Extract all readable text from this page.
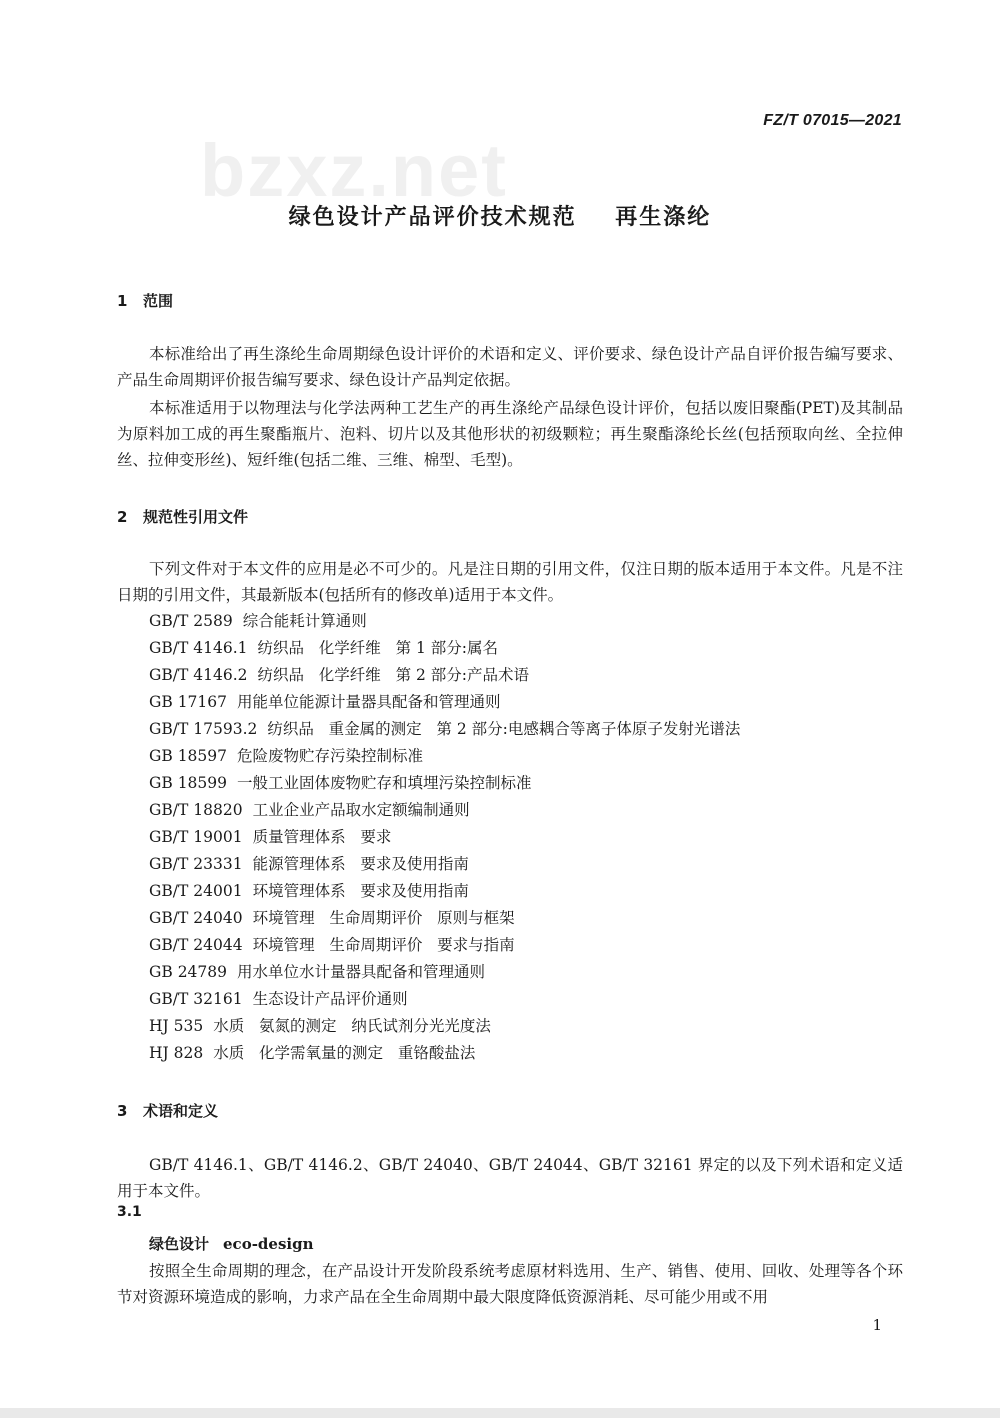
bzxz.net
FZ/T 07015—2021
绿色设计产品评价技术规范    再生涤纶
1 范围

本标准给出了再生涤纶生命周期绿色设计评价的术语和定义、评价要求、绿色设计产品自评价报告编写要求、产品生命周期评价报告编写要求、绿色设计产品判定依据。

本标准适用于以物理法与化学法两种工艺生产的再生涤纶产品绿色设计评价，包括以废旧聚酯(PET)及其制品为原料加工成的再生聚酯瓶片、泡料、切片以及其他形状的初级颗粒；再生聚酯涤纶长丝(包括预取向丝、全拉伸丝、拉伸变形丝)、短纤维(包括二维、三维、棉型、毛型)。

2 规范性引用文件

下列文件对于本文件的应用是必不可少的。凡是注日期的引用文件，仅注日期的版本适用于本文件。凡是不注日期的引用文件，其最新版本(包括所有的修改单)适用于本文件。

GB/T 2589 综合能耗计算通则
GB/T 4146.1 纺织品   化学纤维   第 1 部分:属名
GB/T 4146.2 纺织品   化学纤维   第 2 部分:产品术语
GB 17167 用能单位能源计量器具配备和管理通则
GB/T 17593.2 纺织品   重金属的测定   第 2 部分:电感耦合等离子体原子发射光谱法
GB 18597 危险废物贮存污染控制标准
GB 18599 一般工业固体废物贮存和填埋污染控制标准
GB/T 18820 工业企业产品取水定额编制通则
GB/T 19001 质量管理体系   要求
GB/T 23331 能源管理体系   要求及使用指南
GB/T 24001 环境管理体系   要求及使用指南
GB/T 24040 环境管理   生命周期评价   原则与框架
GB/T 24044 环境管理   生命周期评价   要求与指南
GB 24789 用水单位水计量器具配备和管理通则
GB/T 32161 生态设计产品评价通则
HJ 535 水质   氨氮的测定   纳氏试剂分光光度法
HJ 828 水质   化学需氧量的测定   重铬酸盐法
3 术语和定义

GB/T 4146.1、GB/T 4146.2、GB/T 24040、GB/T 24044、GB/T 32161 界定的以及下列术语和定义适用于本文件。

3.1
绿色设计 eco-design

按照全生命周期的理念，在产品设计开发阶段系统考虑原材料选用、生产、销售、使用、回收、处理等各个环节对资源环境造成的影响，力求产品在全生命周期中最大限度降低资源消耗、尽可能少用或不用

1
